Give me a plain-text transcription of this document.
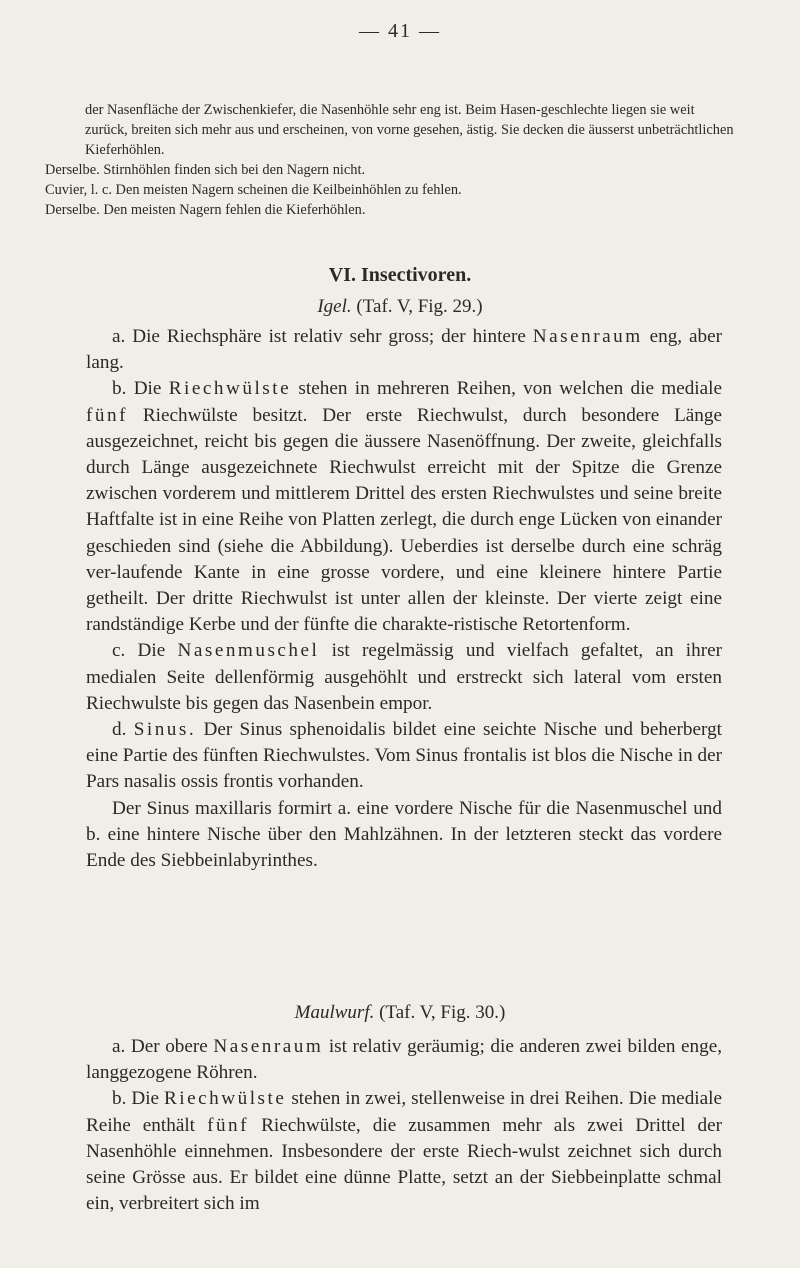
— 41 —

der Nasenfläche der Zwischenkiefer, die Nasenhöhle sehr eng ist. Beim Hasen-geschlechte liegen sie weit zurück, breiten sich mehr aus und erscheinen, von vorne gesehen, ästig. Sie decken die äusserst unbeträchtlichen Kieferhöhlen.

Derselbe. Stirnhöhlen finden sich bei den Nagern nicht.

Cuvier, l. c. Den meisten Nagern scheinen die Keilbeinhöhlen zu fehlen.

Derselbe. Den meisten Nagern fehlen die Kieferhöhlen.

VI. Insectivoren.
Igel. (Taf. V, Fig. 29.)

a. Die Riechsphäre ist relativ sehr gross; der hintere Nasenraum eng, aber lang.

b. Die Riechwülste stehen in mehreren Reihen, von welchen die mediale fünf Riechwülste besitzt. Der erste Riechwulst, durch besondere Länge ausgezeichnet, reicht bis gegen die äussere Nasenöffnung. Der zweite, gleichfalls durch Länge ausgezeichnete Riechwulst erreicht mit der Spitze die Grenze zwischen vorderem und mittlerem Drittel des ersten Riechwulstes und seine breite Haftfalte ist in eine Reihe von Platten zerlegt, die durch enge Lücken von einander geschieden sind (siehe die Abbildung). Ueberdies ist derselbe durch eine schräg ver-laufende Kante in eine grosse vordere, und eine kleinere hintere Partie getheilt. Der dritte Riechwulst ist unter allen der kleinste. Der vierte zeigt eine randständige Kerbe und der fünfte die charakte-ristische Retortenform.

c. Die Nasenmuschel ist regelmässig und vielfach gefaltet, an ihrer medialen Seite dellenförmig ausgehöhlt und erstreckt sich lateral vom ersten Riechwulste bis gegen das Nasenbein empor.

d. Sinus. Der Sinus sphenoidalis bildet eine seichte Nische und beherbergt eine Partie des fünften Riechwulstes. Vom Sinus frontalis ist blos die Nische in der Pars nasalis ossis frontis vorhanden.

Der Sinus maxillaris formirt a. eine vordere Nische für die Nasenmuschel und b. eine hintere Nische über den Mahlzähnen. In der letzteren steckt das vordere Ende des Siebbeinlabyrinthes.

Maulwurf. (Taf. V, Fig. 30.)

a. Der obere Nasenraum ist relativ geräumig; die anderen zwei bilden enge, langgezogene Röhren.

b. Die Riechwülste stehen in zwei, stellenweise in drei Reihen. Die mediale Reihe enthält fünf Riechwülste, die zusammen mehr als zwei Drittel der Nasenhöhle einnehmen. Insbesondere der erste Riech-wulst zeichnet sich durch seine Grösse aus. Er bildet eine dünne Platte, setzt an der Siebbeinplatte schmal ein, verbreitert sich im
